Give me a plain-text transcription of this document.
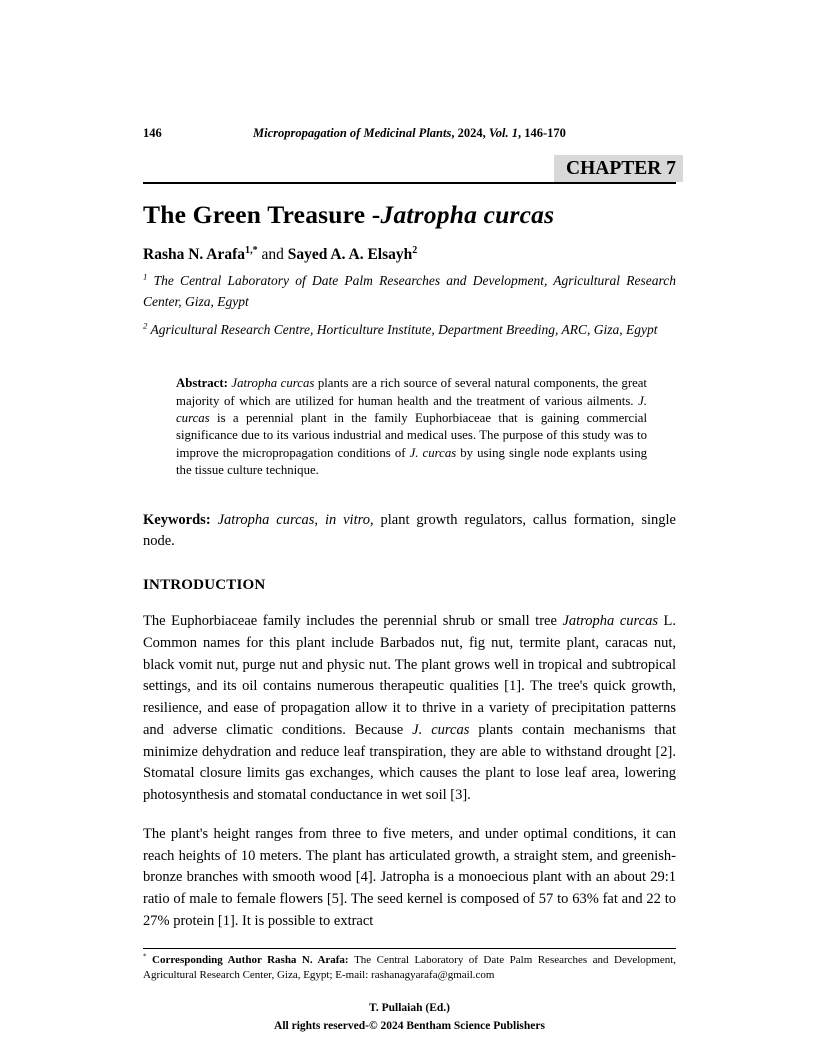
146	Micropropagation of Medicinal Plants, 2024, Vol. 1, 146-170
CHAPTER 7
The Green Treasure -Jatropha curcas
Rasha N. Arafa$^{1,*}$ and Sayed A. A. Elsayh$^2$
$^1$ The Central Laboratory of Date Palm Researches and Development, Agricultural Research Center, Giza, Egypt
$^2$ Agricultural Research Centre, Horticulture Institute, Department Breeding, ARC, Giza, Egypt
Abstract: Jatropha curcas plants are a rich source of several natural components, the great majority of which are utilized for human health and the treatment of various ailments. J. curcas is a perennial plant in the family Euphorbiaceae that is gaining commercial significance due to its various industrial and medical uses. The purpose of this study was to improve the micropropagation conditions of J. curcas by using single node explants using the tissue culture technique.
Keywords: Jatropha curcas, in vitro, plant growth regulators, callus formation, single node.
INTRODUCTION
The Euphorbiaceae family includes the perennial shrub or small tree Jatropha curcas L. Common names for this plant include Barbados nut, fig nut, termite plant, caracas nut, black vomit nut, purge nut and physic nut. The plant grows well in tropical and subtropical settings, and its oil contains numerous therapeutic qualities [1]. The tree's quick growth, resilience, and ease of propagation allow it to thrive in a variety of precipitation patterns and adverse climatic conditions. Because J. curcas plants contain mechanisms that minimize dehydration and reduce leaf transpiration, they are able to withstand drought [2]. Stomatal closure limits gas exchanges, which causes the plant to lose leaf area, lowering photosynthesis and stomatal conductance in wet soil [3].
The plant's height ranges from three to five meters, and under optimal conditions, it can reach heights of 10 meters. The plant has articulated growth, a straight stem, and greenish-bronze branches with smooth wood [4]. Jatropha is a monoecious plant with an about 29:1 ratio of male to female flowers [5]. The seed kernel is composed of 57 to 63% fat and 22 to 27% protein [1]. It is possible to extract
* Corresponding Author Rasha N. Arafa: The Central Laboratory of Date Palm Researches and Development, Agricultural Research Center, Giza, Egypt; E-mail: rashanagyarafa@gmail.com
T. Pullaiah (Ed.)
All rights reserved-© 2024 Bentham Science Publishers
